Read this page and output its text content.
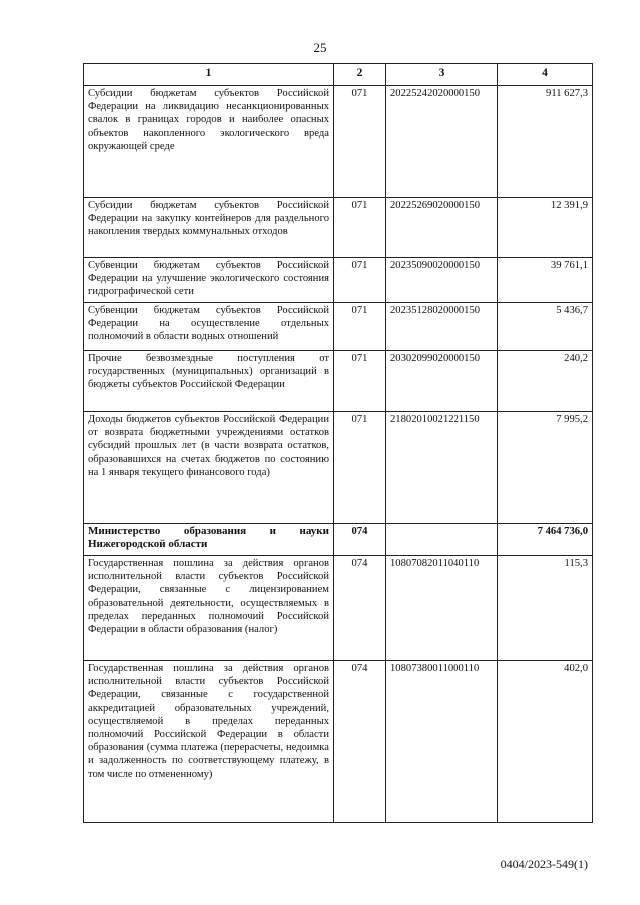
25
1	2	3	4
Субсидии бюджетам субъектов Российской Федерации на ликвидацию несанкционированных свалок в границах городов и наиболее опасных объектов накопленного экологического вреда окружающей среде	071	20225242020000150	911 627,3
Субсидии бюджетам субъектов Российской Федерации на закупку контейнеров для раздельного накопления твердых коммунальных отходов	071	20225269020000150	12 391,9
Субвенции бюджетам субъектов Российской Федерации на улучшение экологического состояния гидрографической сети	071	20235090020000150	39 761,1
Субвенции бюджетам субъектов Российской Федерации на осуществление отдельных полномочий в области водных отношений	071	20235128020000150	5 436,7
Прочие безвозмездные поступления от государственных (муниципальных) организаций в бюджеты субъектов Российской Федерации	071	20302099020000150	240,2
Доходы бюджетов субъектов Российской Федерации от возврата бюджетными учреждениями остатков субсидий прошлых лет (в части возврата остатков, образовавшихся на счетах бюджетов по состоянию на 1 января текущего финансового года)	071	21802010021221150	7 995,2
Министерство образования и науки Нижегородской области	074		7 464 736,0
Государственная пошлина за действия органов исполнительной власти субъектов Российской Федерации, связанные с лицензированием образовательной деятельности, осуществляемых в пределах переданных полномочий Российской Федерации в области образования (налог)	074	10807082011040110	115,3
Государственная пошлина за действия органов исполнительной власти субъектов Российской Федерации, связанные с государственной аккредитацией образовательных учреждений, осуществляемой в пределах переданных полномочий Российской Федерации в области образования (сумма платежа (перерасчеты, недоимка и задолженность по соответствующему платежу, в том числе по отмененному)	074	10807380011000110	402,0
0404/2023-549(1)
